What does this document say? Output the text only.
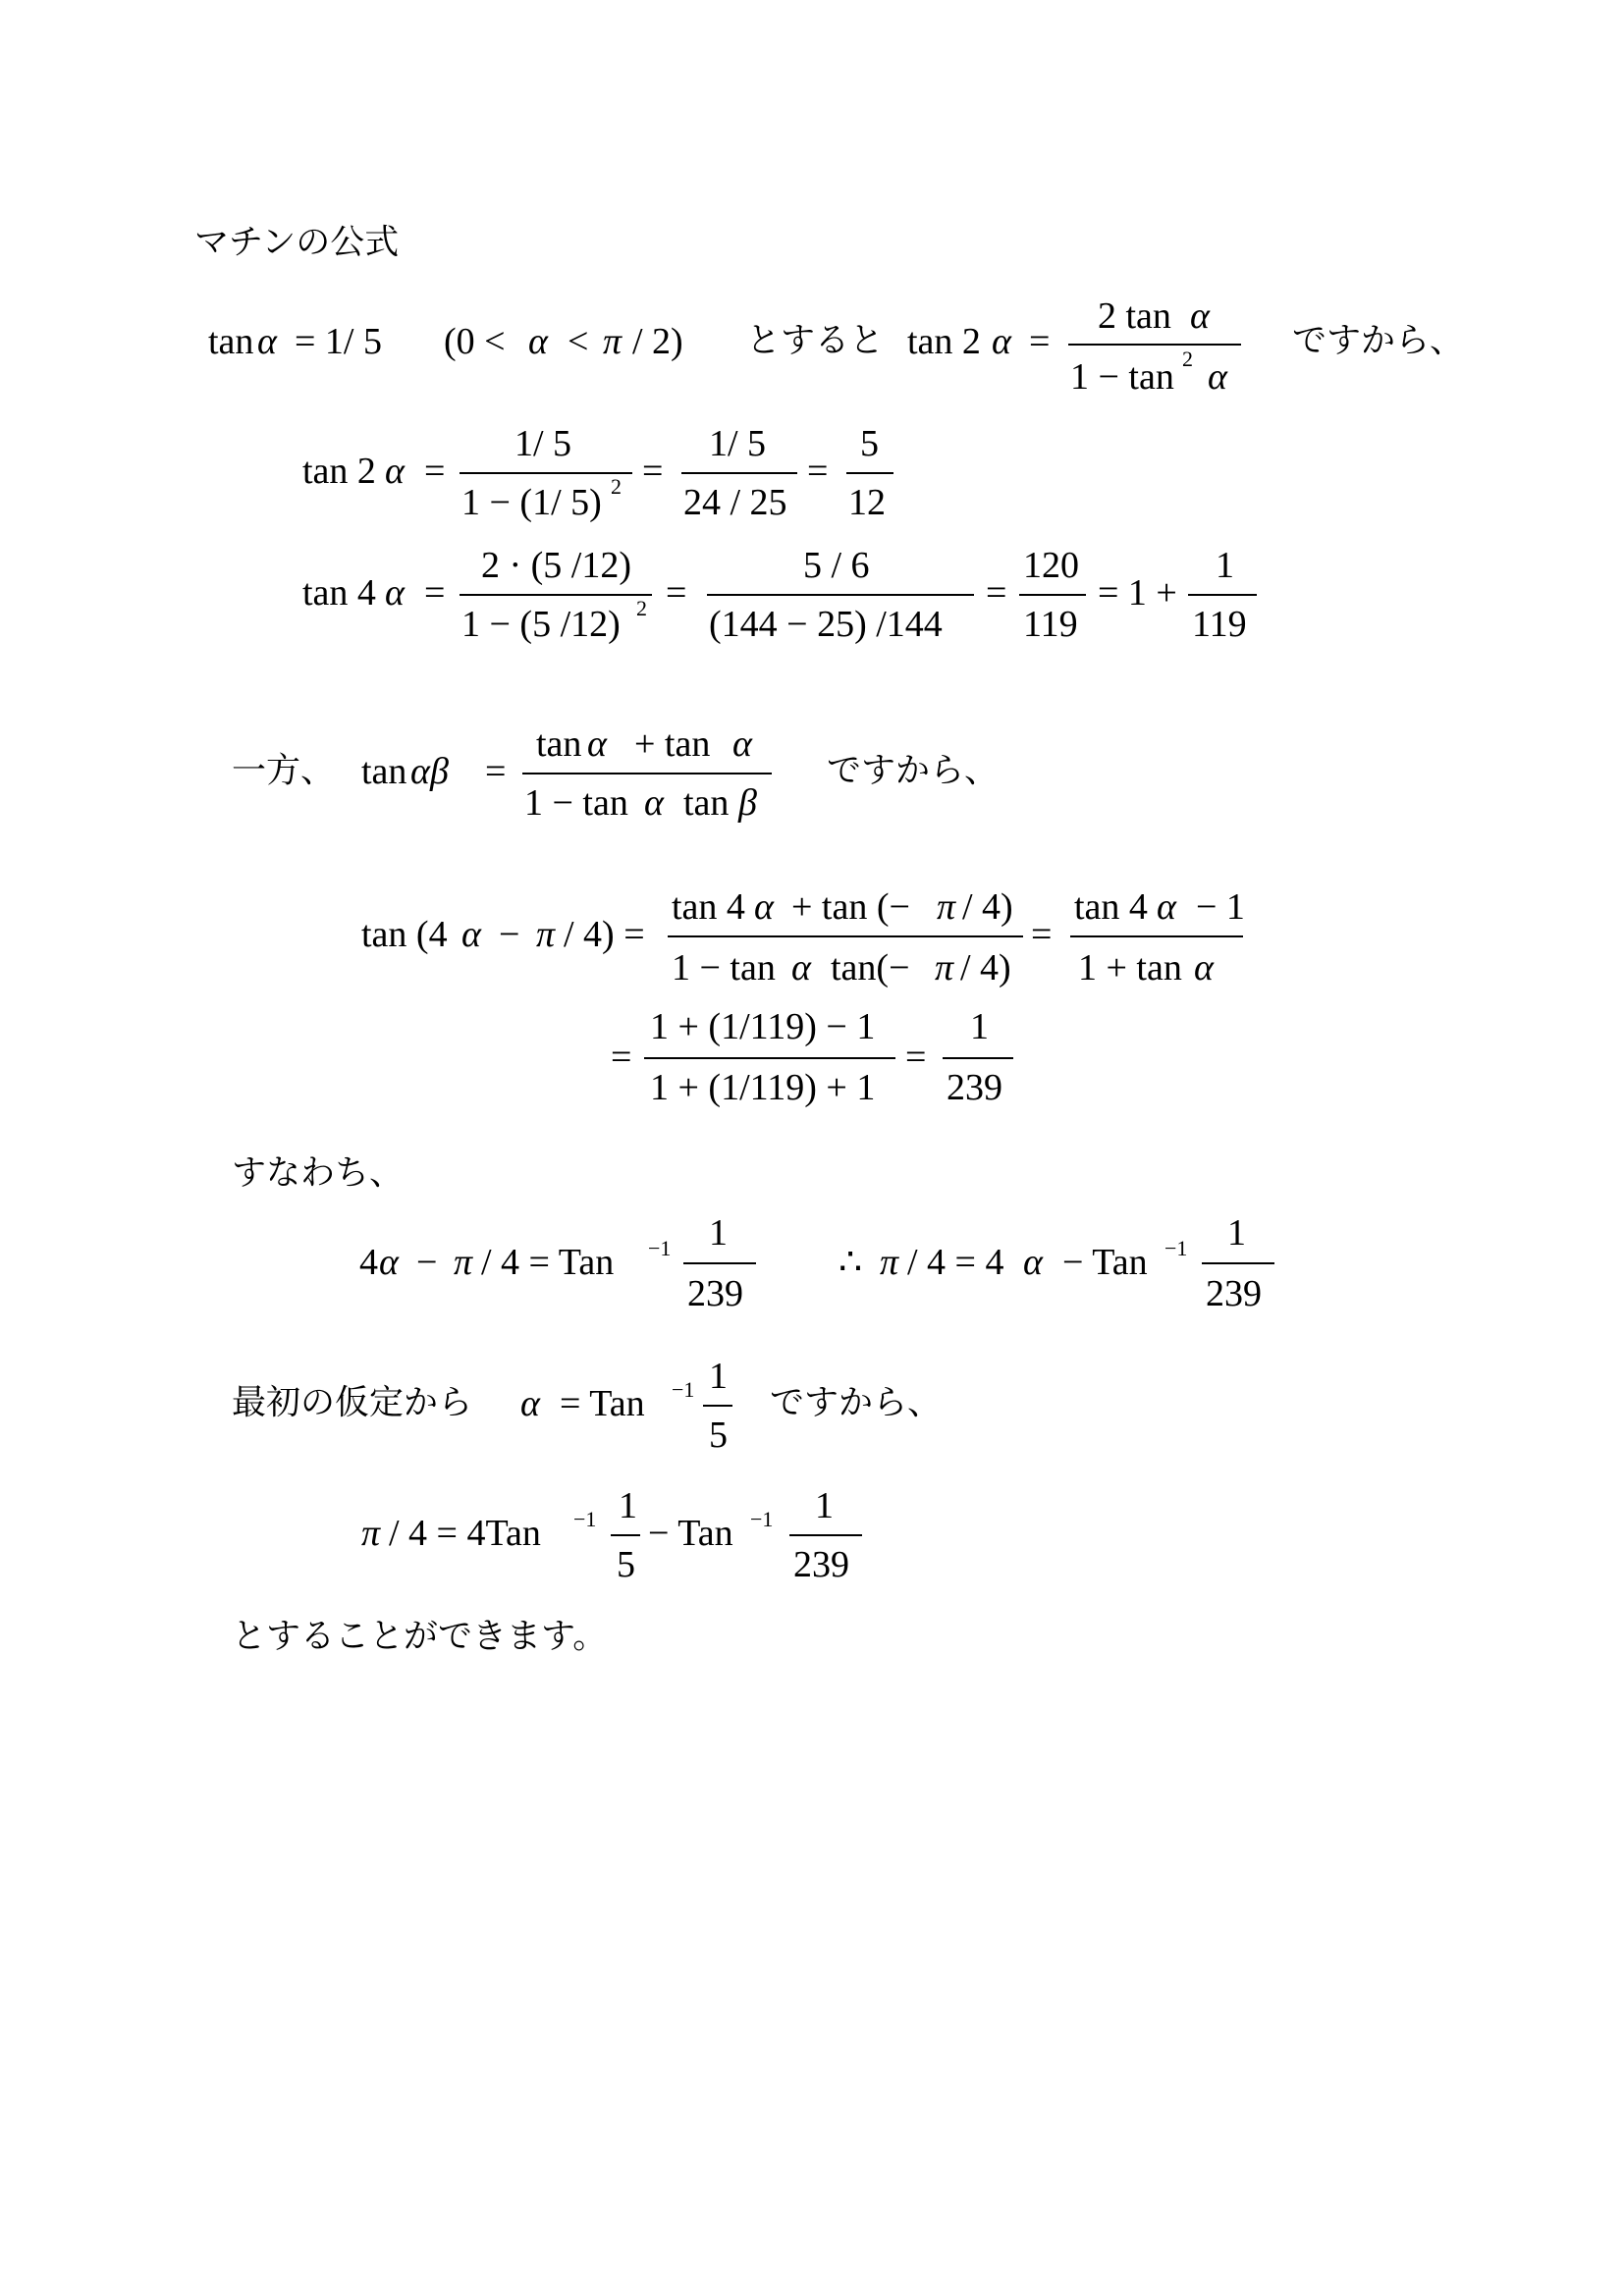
マチンの公式
tan α = 1/ 5 (0 < α < π / 2) とすると tan 2 α =
2 tan α
1 − tan 2 α
ですから、
tan 2 α =
1/ 5
1 − (1/ 5) 2 =
1/ 5
24 / 25
=
5
12
tan 4 α =
2 · (5 /12)
1 − (5 /12) 2 =
5 / 6
(144 − 25) /144
=
120
119
= 1 +
1
119
一方、 tan αβ =
tan α + tan α
1 − tan α tan β
ですから、
tan (4 α − π / 4) =
tan 4 α + tan (− π / 4)
1 − tan α tan(− π / 4)
=
tan 4 α − 1
1 + tan α
=
1 + (1/119) − 1
1 + (1/119) + 1
=
1
239
すなわち、
4 α − π / 4 = Tan −1 1
239
∴ π / 4 = 4 α − Tan −1 1
239
最初の仮定から α = Tan −1 1
5
ですから、
π / 4 = 4Tan −1 1
5
− Tan −1 1
239
とすることができます。
